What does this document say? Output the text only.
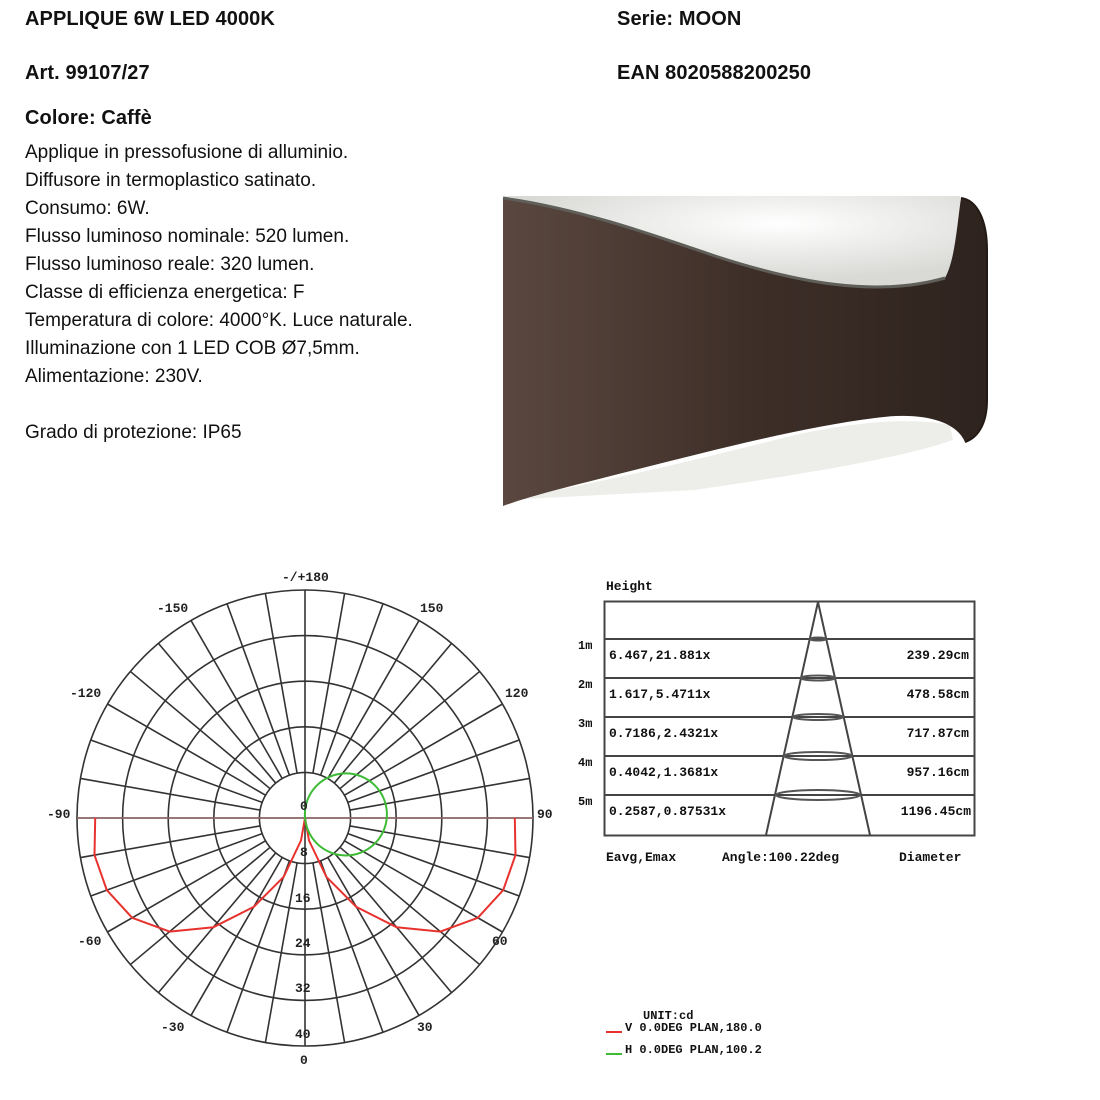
APPLIQUE 6W LED 4000K	Serie: MOON
Art. 99107/27	EAN 8020588200250
Colore: Caffè
Applique in pressofusione di alluminio.
Diffusore in termoplastico satinato.
Consumo: 6W.
Flusso luminoso nominale: 520 lumen.
Flusso luminoso reale: 320 lumen.
Classe di efficienza energetica: F
Temperatura di colore: 4000°K. Luce naturale.
Illuminazione con 1 LED COB Ø7,5mm.
Alimentazione: 230V.
Grado di protezione: IP65
-/+180
-150	150
-120	120
-90	90
-60	60
-30	30
0
0
8
16
24
32
40
Height
1m
6.467,21.881x	239.29cm
2m
1.617,5.4711x	478.58cm
3m
0.7186,2.4321x	717.87cm
4m
0.4042,1.3681x	957.16cm
5m
0.2587,0.87531x	1196.45cm
Eavg,Emax	Angle:100.22deg	Diameter
UNIT:cd
V 0.0DEG PLAN,180.0
H 0.0DEG PLAN,100.2
